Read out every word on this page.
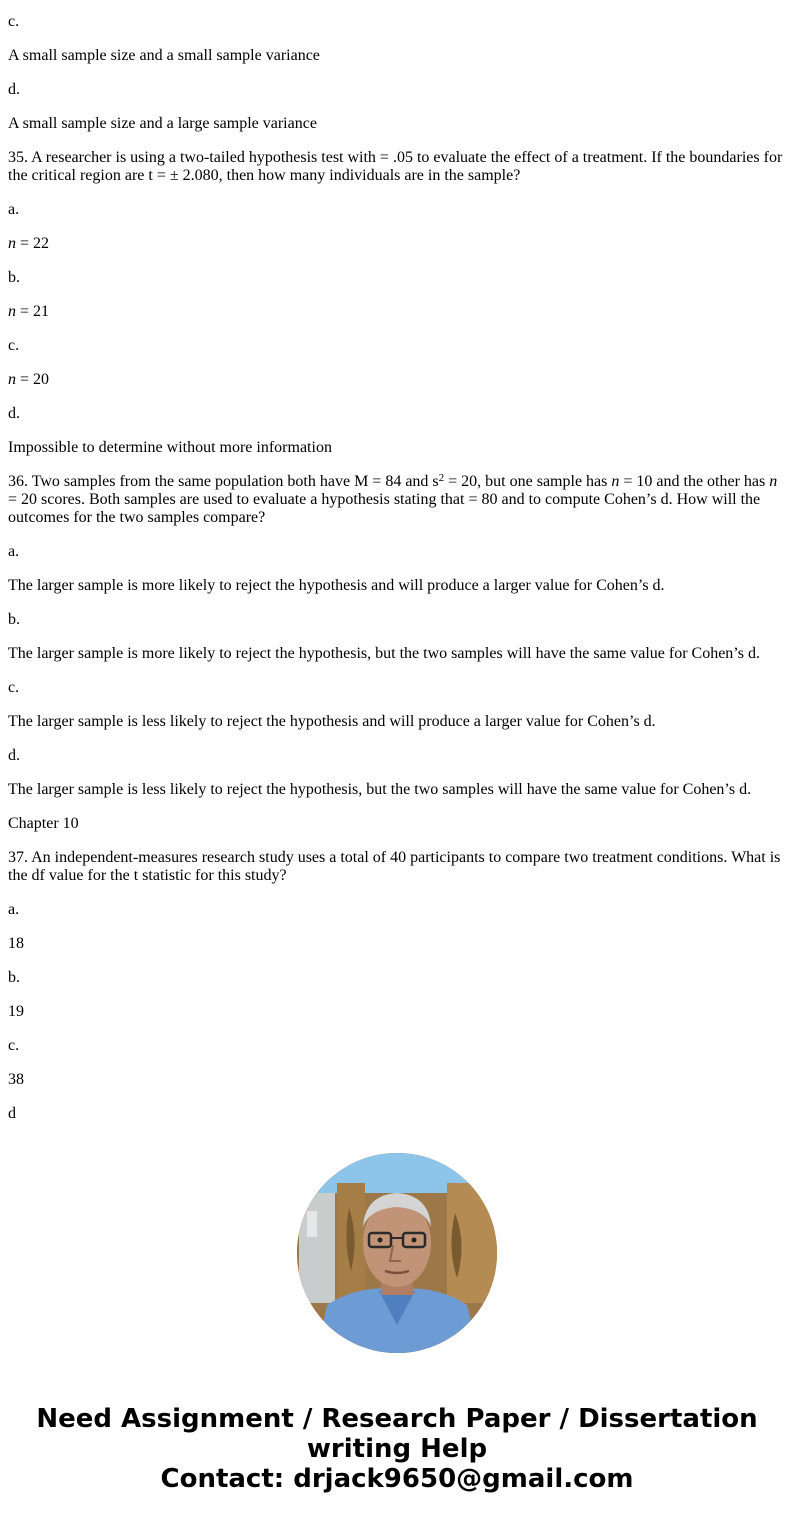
c.

A small sample size and a small sample variance

d.

A small sample size and a large sample variance

35. A researcher is using a two-tailed hypothesis test with = .05 to evaluate the effect of a treatment. If the boundaries for the critical region are t = ± 2.080, then how many individuals are in the sample?

a.

n = 22

b.

n = 21

c.

n = 20

d.

Impossible to determine without more information

36. Two samples from the same population both have M = 84 and $s^2 = 20$, but one sample has n = 10 and the other has n = 20 scores. Both samples are used to evaluate a hypothesis stating that = 80 and to compute Cohen’s d. How will the outcomes for the two samples compare?

a.

The larger sample is more likely to reject the hypothesis and will produce a larger value for Cohen’s d.

b.

The larger sample is more likely to reject the hypothesis, but the two samples will have the same value for Cohen’s d.

c.

The larger sample is less likely to reject the hypothesis and will produce a larger value for Cohen’s d.

d.

The larger sample is less likely to reject the hypothesis, but the two samples will have the same value for Cohen’s d.

Chapter 10

37. An independent-measures research study uses a total of 40 participants to compare two treatment conditions. What is the df value for the t statistic for this study?

a.

18

b.

19

c.

38

d

Need Assignment / Research Paper / Dissertation
writing Help
Contact: drjack9650@gmail.com
